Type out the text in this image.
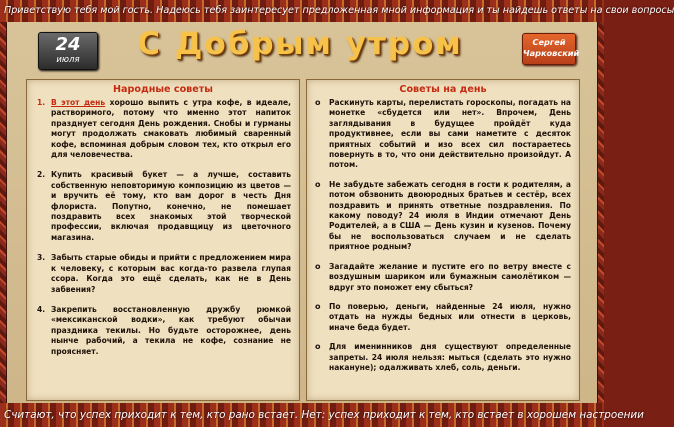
Приветствую тебя мой гость. Надеюсь тебя заинтересует предложенная мной информация и ты найдешь ответы на свои вопросы
Считают, что успех приходит к тем, кто рано встает. Нет: успех приходит к тем, кто встает в хорошем настроении
24
июля	С Добрым утром	Сергей
Чарковский
Народные советы
1. В этот день хорошо выпить с утра кофе, в идеале, растворимого, потому что именно этот напиток празднует сегодня День рождения. Снобы и гурманы могут продолжать смаковать любимый сваренный кофе, вспоминая добрым словом тех, кто открыл его для человечества.
2. Купить красивый букет — а лучше, составить собственную неповторимую композицию из цветов — и вручить её тому, кто вам дорог в честь Дня флориста. Попутно, конечно, не помешает поздравить всех знакомых этой творческой профессии, включая продавщицу из цветочного магазина.
3. Забыть старые обиды и прийти с предложением мира к человеку, с которым вас когда-то развела глупая ссора. Когда это ещё сделать, как не в День забвения?
4. Закрепить восстановленную дружбу рюмкой «мексиканской водки», как требуют обычаи праздника текилы. Но будьте осторожнее, день нынче рабочий, а текила не кофе, сознание не проясняет.
Советы на день
o Раскинуть карты, перелистать гороскопы, погадать на монетке «сбудется или нет». Впрочем, День заглядывания в будущее пройдёт куда продуктивнее, если вы сами наметите с десяток приятных событий и изо всех сил постараетесь повернуть в то, что они действительно произойдут. А потом.
o Не забудьте забежать сегодня в гости к родителям, а потом обзвонить двоюродных братьев и сестёр, всех поздравить и принять ответные поздравления. По какому поводу? 24 июля в Индии отмечают День Родителей, а в США — День кузин и кузенов. Почему бы не воспользоваться случаем и не сделать приятное родным?
o Загадайте желание и пустите его по ветру вместе с воздушным шариком или бумажным самолётиком — вдруг это поможет ему сбыться?
o По поверью, деньги, найденные 24 июля, нужно отдать на нужды бедных или отнести в церковь, иначе беда будет.
o Для именинников дня существуют определенные запреты. 24 июля нельзя: мыться (сделать это нужно накануне); одалживать хлеб, соль, деньги.
